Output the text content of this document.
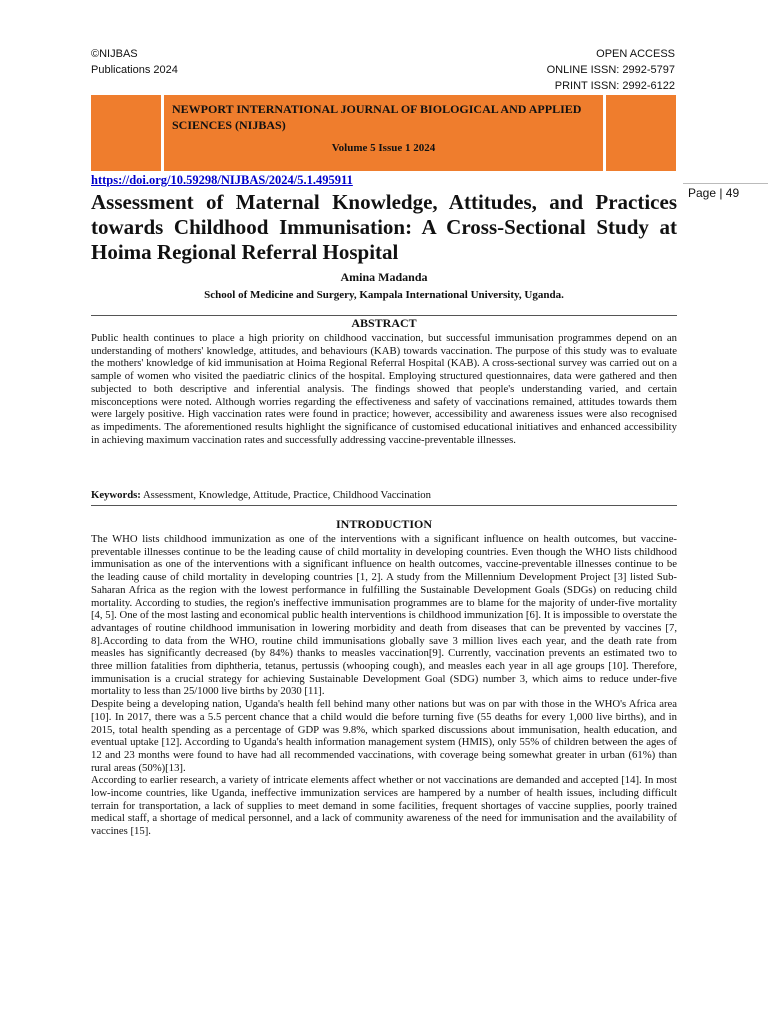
©NIJBAS
Publications 2024
OPEN ACCESS
ONLINE ISSN: 2992-5797
PRINT ISSN: 2992-6122
NEWPORT INTERNATIONAL JOURNAL OF BIOLOGICAL AND APPLIED SCIENCES (NIJBAS)
Volume 5 Issue 1 2024
https://doi.org/10.59298/NIJBAS/2024/5.1.495911
Page | 49
Assessment of Maternal Knowledge, Attitudes, and Practices towards Childhood Immunisation: A Cross-Sectional Study at Hoima Regional Referral Hospital
Amina Madanda
School of Medicine and Surgery, Kampala International University, Uganda.
ABSTRACT
Public health continues to place a high priority on childhood vaccination, but successful immunisation programmes depend on an understanding of mothers' knowledge, attitudes, and behaviours (KAB) towards vaccination. The purpose of this study was to evaluate the mothers' knowledge of kid immunisation at Hoima Regional Referral Hospital (KAB). A cross-sectional survey was carried out on a sample of women who visited the paediatric clinics of the hospital. Employing structured questionnaires, data were gathered and then subjected to both descriptive and inferential analysis. The findings showed that people's understanding varied, and certain misconceptions were noted. Although worries regarding the effectiveness and safety of vaccinations remained, attitudes towards them were largely positive. High vaccination rates were found in practice; however, accessibility and awareness issues were also recognised as impediments. The aforementioned results highlight the significance of customised educational initiatives and enhanced accessibility in achieving maximum vaccination rates and successfully addressing vaccine-preventable illnesses.
Keywords: Assessment, Knowledge, Attitude, Practice, Childhood Vaccination
INTRODUCTION

The WHO lists childhood immunization as one of the interventions with a significant influence on health outcomes, but vaccine-preventable illnesses continue to be the leading cause of child mortality in developing countries. Even though the WHO lists childhood immunisation as one of the interventions with a significant influence on health outcomes, vaccine-preventable illnesses continue to be the leading cause of child mortality in developing countries [1, 2]. A study from the Millennium Development Project [3] listed Sub-Saharan Africa as the region with the lowest performance in fulfilling the Sustainable Development Goals (SDGs) on reducing child mortality. According to studies, the region's ineffective immunisation programmes are to blame for the majority of under-five mortality [4, 5]. One of the most lasting and economical public health interventions is childhood immunization [6]. It is impossible to overstate the advantages of routine childhood immunisation in lowering morbidity and death from diseases that can be prevented by vaccines [7, 8].According to data from the WHO, routine child immunisations globally save 3 million lives each year, and the death rate from measles has significantly decreased (by 84%) thanks to measles vaccination[9]. Currently, vaccination prevents an estimated two to three million fatalities from diphtheria, tetanus, pertussis (whooping cough), and measles each year in all age groups [10]. Therefore, immunisation is a crucial strategy for achieving Sustainable Development Goal (SDG) number 3, which aims to reduce under-five mortality to less than 25/1000 live births by 2030 [11].

Despite being a developing nation, Uganda's health fell behind many other nations but was on par with those in the WHO's Africa area [10]. In 2017, there was a 5.5 percent chance that a child would die before turning five (55 deaths for every 1,000 live births), and in 2015, total health spending as a percentage of GDP was 9.8%, which sparked discussions about immunisation, health education, and eventual uptake [12]. According to Uganda's health information management system (HMIS), only 55% of children between the ages of 12 and 23 months were found to have had all recommended vaccinations, with coverage being somewhat greater in urban (61%) than rural areas (50%)[13].

According to earlier research, a variety of intricate elements affect whether or not vaccinations are demanded and accepted [14]. In most low-income countries, like Uganda, ineffective immunization services are hampered by a number of health issues, including difficult terrain for transportation, a lack of supplies to meet demand in some facilities, frequent shortages of vaccine supplies, poorly trained medical staff, a shortage of medical personnel, and a lack of community awareness of the need for immunisation and the availability of vaccines [15].
